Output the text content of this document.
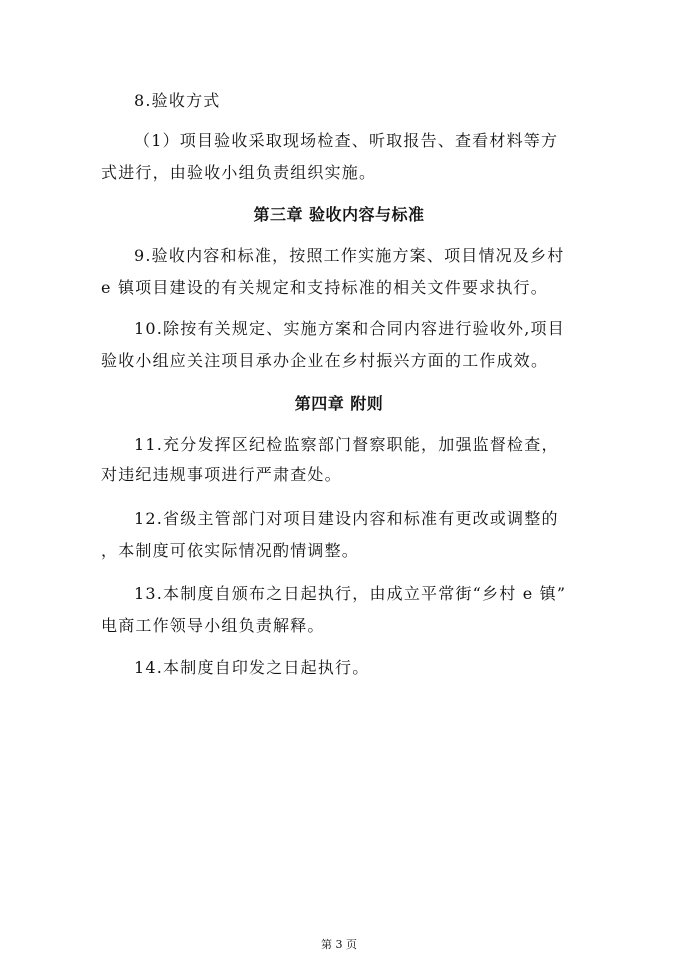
8.验收方式
（1）项目验收采取现场检查、听取报告、查看材料等方
式进行，由验收小组负责组织实施。
第三章 验收内容与标准
9.验收内容和标准，按照工作实施方案、项目情况及乡村
e 镇项目建设的有关规定和支持标准的相关文件要求执行。
10.除按有关规定、实施方案和合同内容进行验收外,项目
验收小组应关注项目承办企业在乡村振兴方面的工作成效。
第四章 附则
11.充分发挥区纪检监察部门督察职能，加强监督检查，
对违纪违规事项进行严肃查处。
12.省级主管部门对项目建设内容和标准有更改或调整的
，本制度可依实际情况酌情调整。
13.本制度自颁布之日起执行，由成立平常街“乡村 e 镇”
电商工作领导小组负责解释。
14.本制度自印发之日起执行。
第 3 页
